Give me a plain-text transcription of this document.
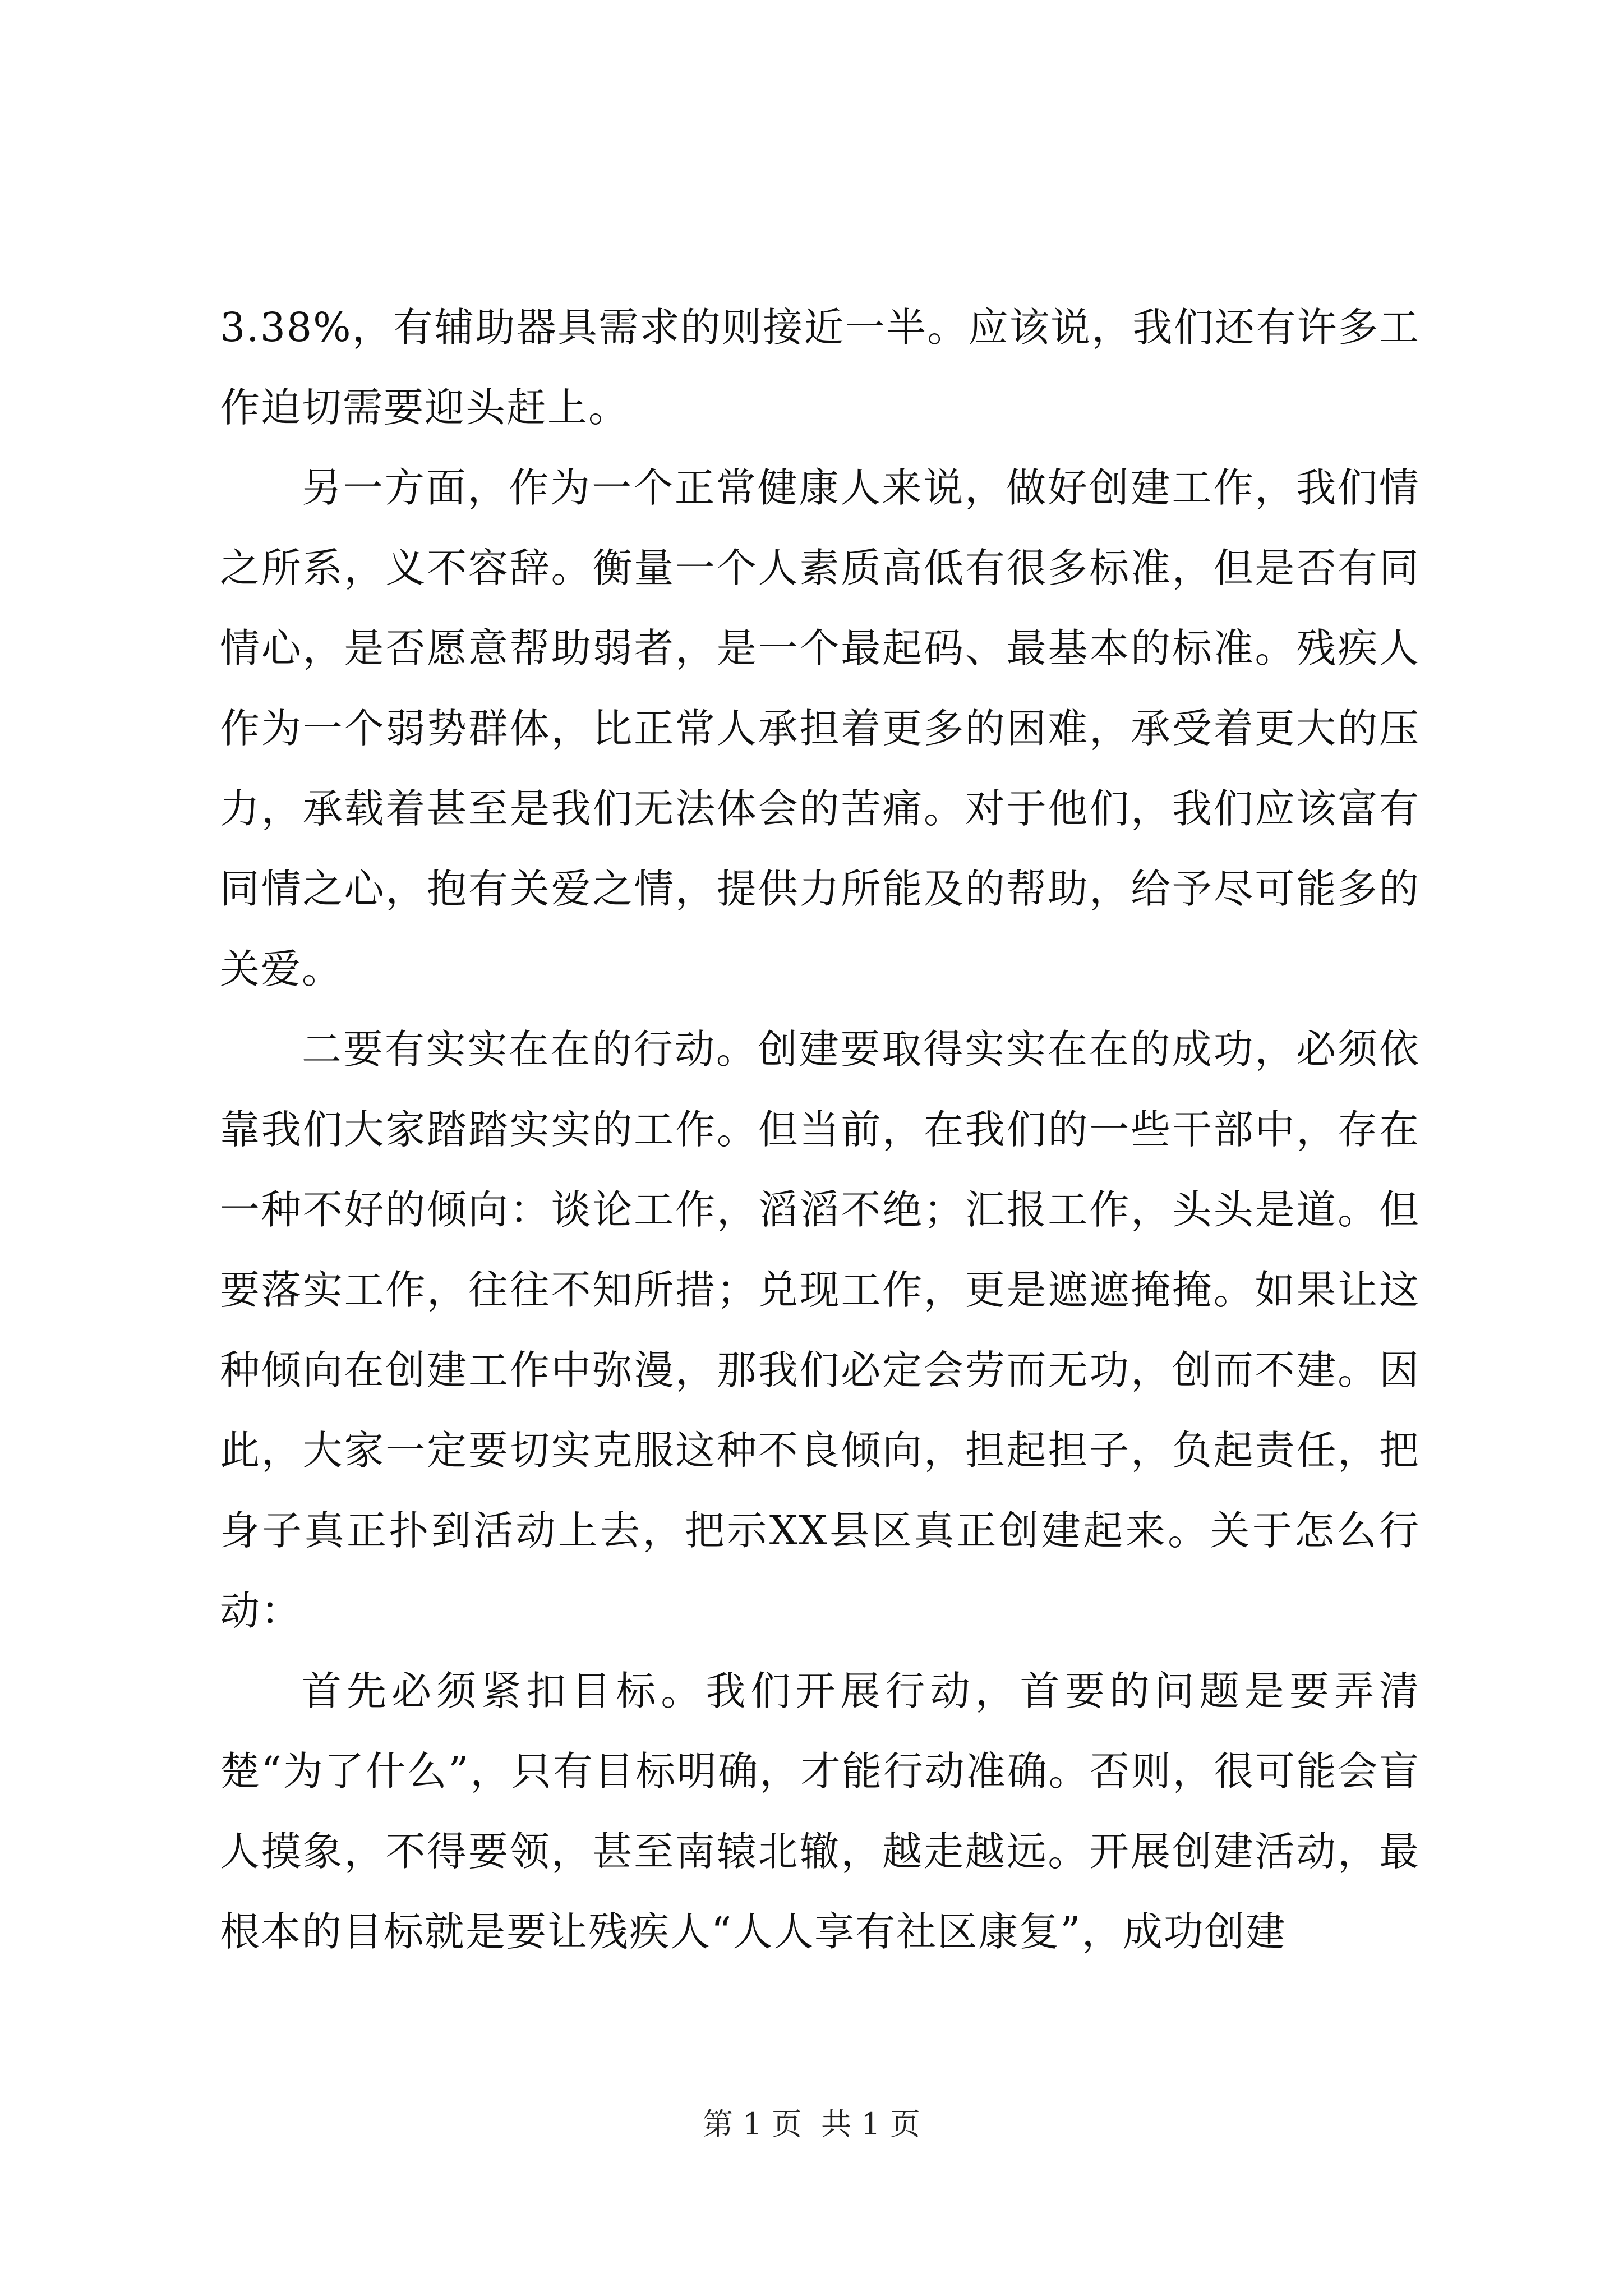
3.38%，有辅助器具需求的则接近一半。应该说，我们还有许多工作迫切需要迎头赶上。

另一方面，作为一个正常健康人来说，做好创建工作，我们情之所系，义不容辞。衡量一个人素质高低有很多标准，但是否有同情心，是否愿意帮助弱者，是一个最起码、最基本的标准。残疾人作为一个弱势群体，比正常人承担着更多的困难，承受着更大的压力，承载着甚至是我们无法体会的苦痛。对于他们，我们应该富有同情之心，抱有关爱之情，提供力所能及的帮助，给予尽可能多的关爱。

二要有实实在在的行动。创建要取得实实在在的成功，必须依靠我们大家踏踏实实的工作。但当前，在我们的一些干部中，存在一种不好的倾向：谈论工作，滔滔不绝；汇报工作，头头是道。但要落实工作，往往不知所措；兑现工作，更是遮遮掩掩。如果让这种倾向在创建工作中弥漫，那我们必定会劳而无功，创而不建。因此，大家一定要切实克服这种不良倾向，担起担子，负起责任，把身子真正扑到活动上去，把示XX县区真正创建起来。关于怎么行动：

首先必须紧扣目标。我们开展行动，首要的问题是要弄清楚“为了什么”，只有目标明确，才能行动准确。否则，很可能会盲人摸象，不得要领，甚至南辕北辙，越走越远。开展创建活动，最根本的目标就是要让残疾人“人人享有社区康复”，成功创建

第 1 页  共 1 页
